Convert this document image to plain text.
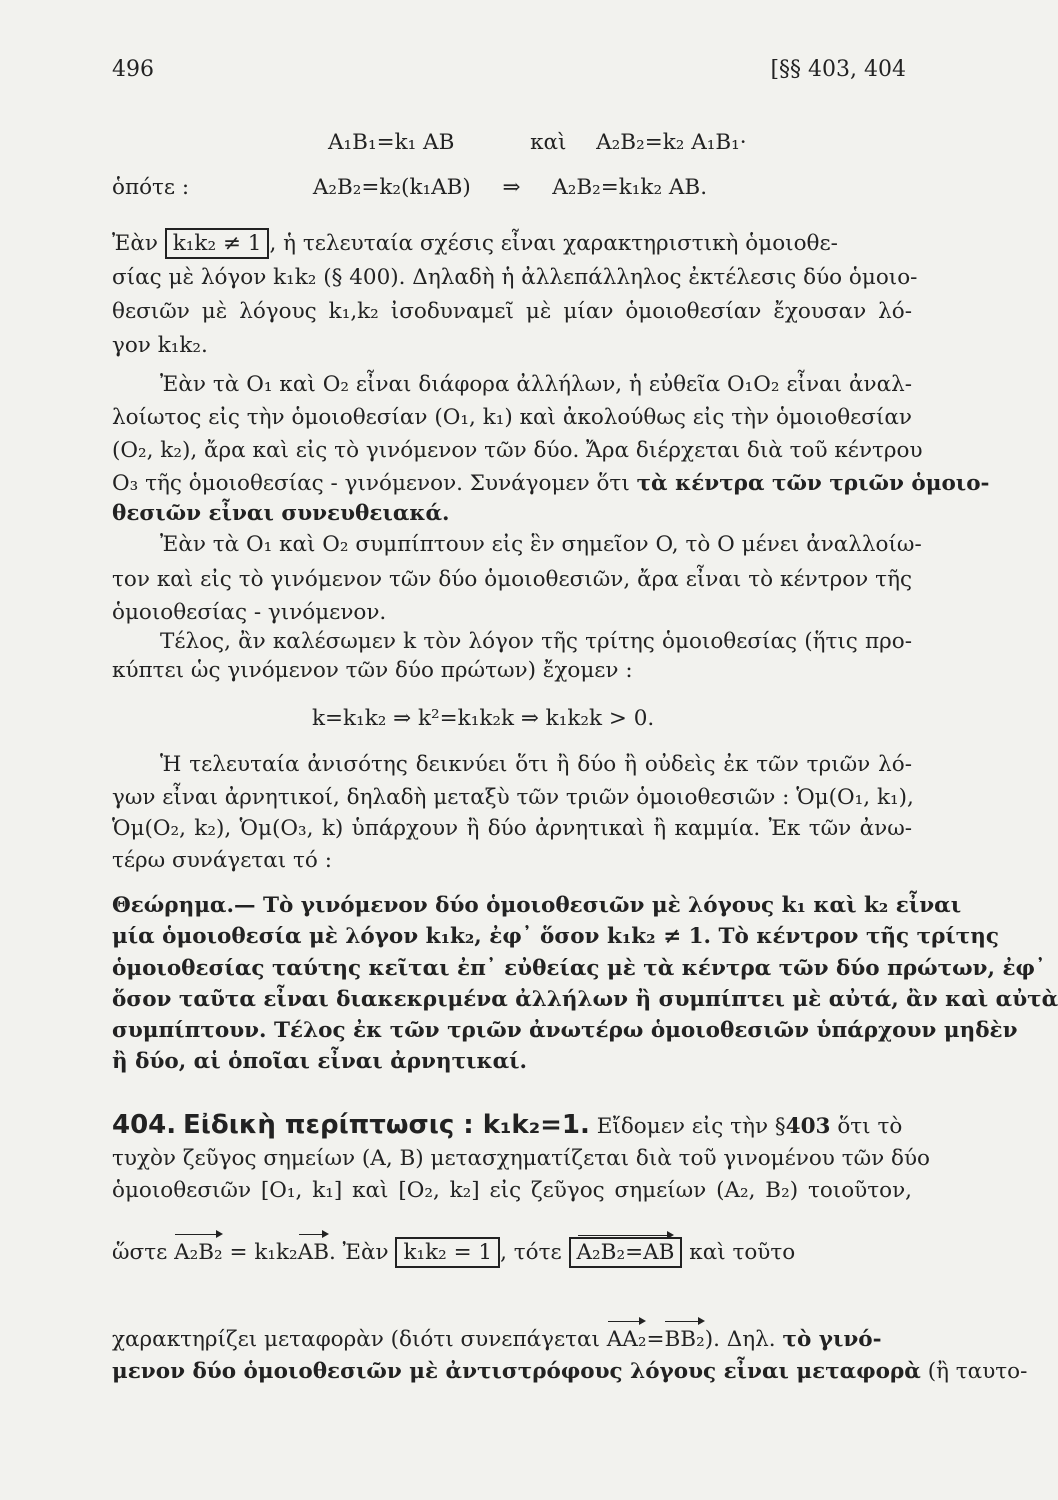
496	[§§ 403, 404
A₁B₁=k₁ AB	καὶ A₂B₂=k₂ A₁B₁·
ὁπότε :	A₂B₂=k₂(k₁AB) ⇒ A₂B₂=k₁k₂ AB.
Ἐὰν k₁k₂ ≠ 1 , ἡ τελευταία σχέσις εἶναι χαρακτηριστικὴ ὁμοιοθε-
σίας μὲ λόγον k₁k₂ (§ 400). Δηλαδὴ ἡ ἀλλεπάλληλος ἐκτέλεσις δύο ὁμοιο-
θεσιῶν μὲ λόγους k₁,k₂ ἰσοδυναμεῖ μὲ μίαν ὁμοιοθεσίαν ἔχουσαν λό-
γον k₁k₂.
Ἐὰν τὰ O₁ καὶ O₂ εἶναι διάφορα ἀλλήλων, ἡ εὐθεῖα O₁O₂ εἶναι ἀναλ-
λοίωτος εἰς τὴν ὁμοιοθεσίαν (O₁, k₁) καὶ ἀκολούθως εἰς τὴν ὁμοιοθεσίαν
(O₂, k₂), ἄρα καὶ εἰς τὸ γινόμενον τῶν δύο. Ἄρα διέρχεται διὰ τοῦ κέντρου
O₃ τῆς ὁμοιοθεσίας - γινόμενον. Συνάγομεν ὅτι τὰ κέντρα τῶν τριῶν ὁμοιο-
θεσιῶν εἶναι συνευθειακά.
Ἐὰν τὰ O₁ καὶ O₂ συμπίπτουν εἰς ἓν σημεῖον O, τὸ O μένει ἀναλλοίω-
τον καὶ εἰς τὸ γινόμενον τῶν δύο ὁμοιοθεσιῶν, ἄρα εἶναι τὸ κέντρον τῆς
ὁμοιοθεσίας - γινόμενον.
Τέλος, ἂν καλέσωμεν k τὸν λόγον τῆς τρίτης ὁμοιοθεσίας (ἥτις προ-
κύπτει ὡς γινόμενον τῶν δύο πρώτων) ἔχομεν :
k=k₁k₂ ⇒ k²=k₁k₂k ⇒ k₁k₂k > 0.
Ἡ τελευταία ἀνισότης δεικνύει ὅτι ἢ δύο ἢ οὐδεὶς ἐκ τῶν τριῶν λό-
γων εἶναι ἀρνητικοί, δηλαδὴ μεταξὺ τῶν τριῶν ὁμοιοθεσιῶν : Ὁμ(O₁, k₁),
Ὁμ(O₂, k₂), Ὁμ(O₃, k) ὑπάρχουν ἢ δύο ἀρνητικαὶ ἢ καμμία. Ἐκ τῶν ἀνω-
τέρω συνάγεται τό :
Θεώρημα.— Τὸ γινόμενον δύο ὁμοιοθεσιῶν μὲ λόγους k₁ καὶ k₂ εἶναι
μία ὁμοιοθεσία μὲ λόγον k₁k₂, ἐφ᾿ ὅσον k₁k₂ ≠ 1. Τὸ κέντρον τῆς τρίτης
ὁμοιοθεσίας ταύτης κεῖται ἐπ᾿ εὐθείας μὲ τὰ κέντρα τῶν δύο πρώτων, ἐφ᾿
ὅσον ταῦτα εἶναι διακεκριμένα ἀλλήλων ἢ συμπίπτει μὲ αὐτά, ἂν καὶ αὐτὰ
συμπίπτουν. Τέλος ἐκ τῶν τριῶν ἀνωτέρω ὁμοιοθεσιῶν ὑπάρχουν μηδὲν
ἢ δύο, αἱ ὁποῖαι εἶναι ἀρνητικαί.
404. Εἰδικὴ περίπτωσις : k₁k₂=1. Εἴδομεν εἰς τὴν §403 ὅτι τὸ
τυχὸν ζεῦγος σημείων (A, B) μετασχηματίζεται διὰ τοῦ γινομένου τῶν δύο
ὁμοιοθεσιῶν [O₁, k₁] καὶ [O₂, k₂] εἰς ζεῦγος σημείων (A₂, B₂) τοιοῦτον,
ὥστε A₂B₂ = k₁k₂AB. Ἐὰν k₁k₂ = 1 , τότε A₂B₂=AB καὶ τοῦτο
χαρακτηρίζει μεταφορὰν (διότι συνεπάγεται AA₂=BB₂). Δηλ. τὸ γινό-
μενον δύο ὁμοιοθεσιῶν μὲ ἀντιστρόφους λόγους εἶναι μεταφορὰ (ἢ ταυτο-
